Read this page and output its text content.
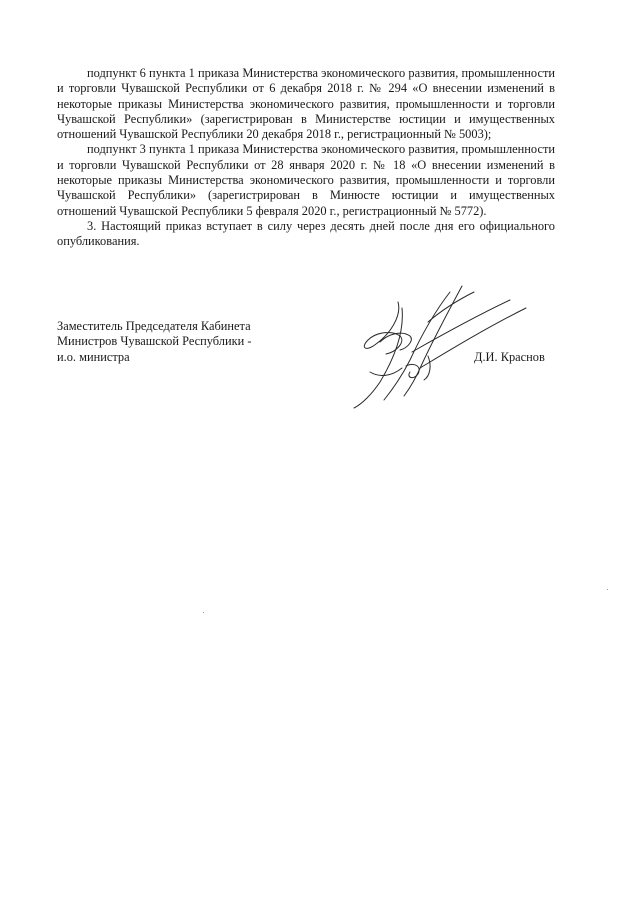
подпункт 6 пункта 1 приказа Министерства экономического развития, промышленности и торговли Чувашской Республики от 6 декабря 2018 г. № 294 «О внесении изменений в некоторые приказы Министерства экономического развития, промышленности и торговли Чувашской Республики» (зарегистрирован в Министерстве юстиции и имущественных отношений Чувашской Республики 20 декабря 2018 г., регистрационный № 5003);

подпункт 3 пункта 1 приказа Министерства экономического развития, промышленности и торговли Чувашской Республики от 28 января 2020 г. № 18 «О внесении изменений в некоторые приказы Министерства экономического развития, промышленности и торговли Чувашской Республики» (зарегистрирован в Минюсте юстиции и имущественных отношений Чувашской Республики 5 февраля 2020 г., регистрационный № 5772).

3. Настоящий приказ вступает в силу через десять дней после дня его официального опубликования.

Заместитель Председателя Кабинета
Министров Чувашской Республики -
и.о. министра	Д.И. Краснов
